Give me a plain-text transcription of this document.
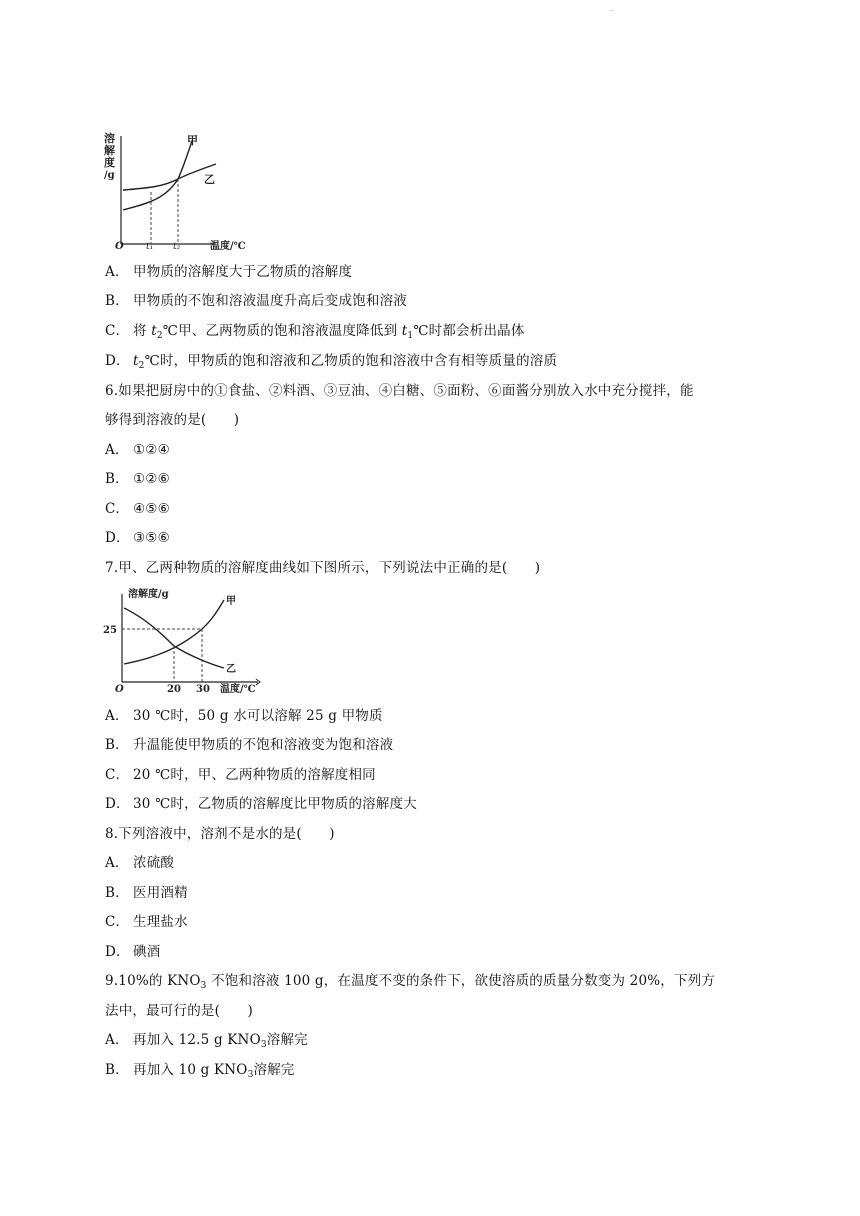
.
溶
解
度
/g
O t₁ t₂	温度/℃
甲
乙
A． 甲物质的溶解度大于乙物质的溶解度
B． 甲物质的不饱和溶液温度升高后变成饱和溶液
C． 将 $t_2℃$甲、乙两物质的饱和溶液温度降低到 $t_1℃$时都会析出晶体
D． $t_2℃$时，甲物质的饱和溶液和乙物质的饱和溶液中含有相等质量的溶质
6.如果把厨房中的①食盐、②料酒、③豆油、④白糖、⑤面粉、⑥面酱分别放入水中充分搅拌，能
够得到溶液的是(　　)
A． ①②④
B． ①②⑥
C． ④⑤⑥
D． ③⑤⑥
7.甲、乙两种物质的溶解度曲线如下图所示，下列说法中正确的是(　　)
溶解度/g
25
O	20 30 温度/℃
甲
乙
A． 30 ℃时，50 g 水可以溶解 25 g 甲物质
B． 升温能使甲物质的不饱和溶液变为饱和溶液
C． 20 ℃时，甲、乙两种物质的溶解度相同
D． 30 ℃时，乙物质的溶解度比甲物质的溶解度大
8.下列溶液中，溶剂不是水的是(　　)
A． 浓硫酸
B． 医用酒精
C． 生理盐水
D． 碘酒
9.10%的 $KNO_3$ 不饱和溶液 100 g，在温度不变的条件下，欲使溶质的质量分数变为 20%，下列方
法中，最可行的是(　　)
A． 再加入 12.5 g $KNO_3$溶解完
B． 再加入 10 g $KNO_3$溶解完
